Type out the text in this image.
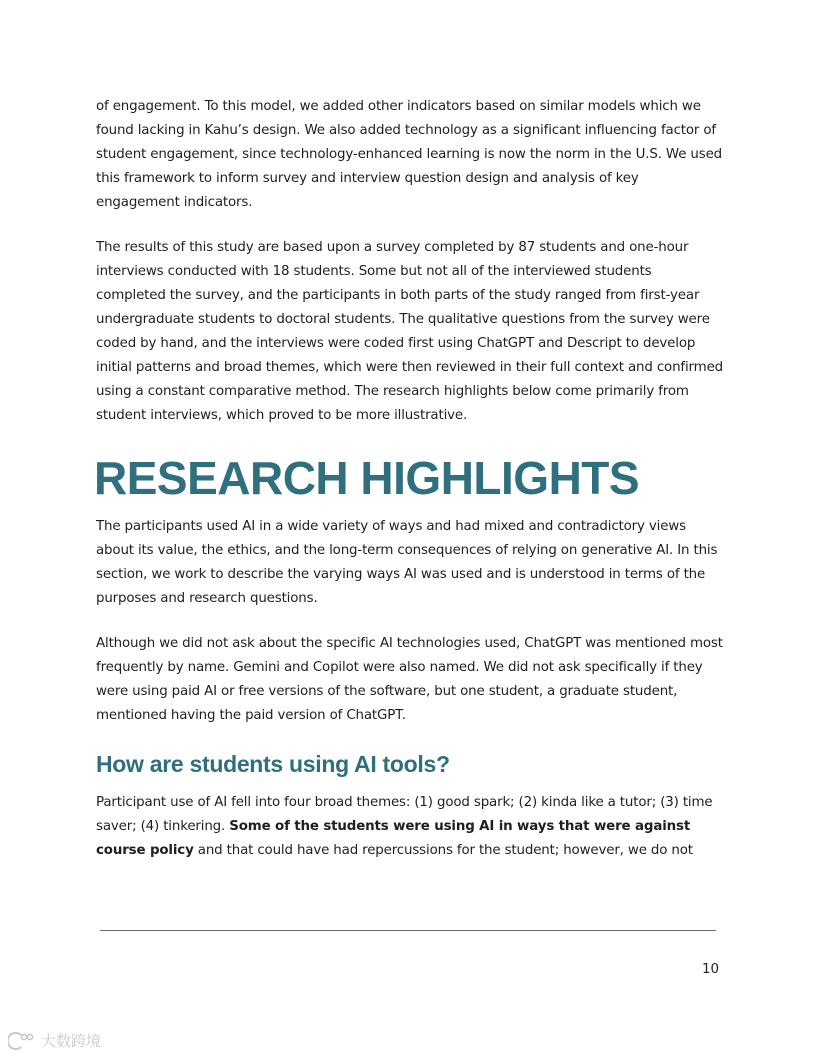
of engagement. To this model, we added other indicators based on similar models which we found lacking in Kahu’s design. We also added technology as a significant influencing factor of student engagement, since technology-enhanced learning is now the norm in the U.S. We used this framework to inform survey and interview question design and analysis of key engagement indicators.

The results of this study are based upon a survey completed by 87 students and one-hour interviews conducted with 18 students. Some but not all of the interviewed students completed the survey, and the participants in both parts of the study ranged from first-year undergraduate students to doctoral students. The qualitative questions from the survey were coded by hand, and the interviews were coded first using ChatGPT and Descript to develop initial patterns and broad themes, which were then reviewed in their full context and confirmed using a constant comparative method. The research highlights below come primarily from student interviews, which proved to be more illustrative.

RESEARCH HIGHLIGHTS

The participants used AI in a wide variety of ways and had mixed and contradictory views about its value, the ethics, and the long-term consequences of relying on generative AI. In this section, we work to describe the varying ways AI was used and is understood in terms of the purposes and research questions.

Although we did not ask about the specific AI technologies used, ChatGPT was mentioned most frequently by name. Gemini and Copilot were also named. We did not ask specifically if they were using paid AI or free versions of the software, but one student, a graduate student, mentioned having the paid version of ChatGPT.

How are students using AI tools?

Participant use of AI fell into four broad themes: (1) good spark; (2) kinda like a tutor; (3) time saver; (4) tinkering. Some of the students were using AI in ways that were against course policy and that could have had repercussions for the student; however, we do not

10
大数跨境
